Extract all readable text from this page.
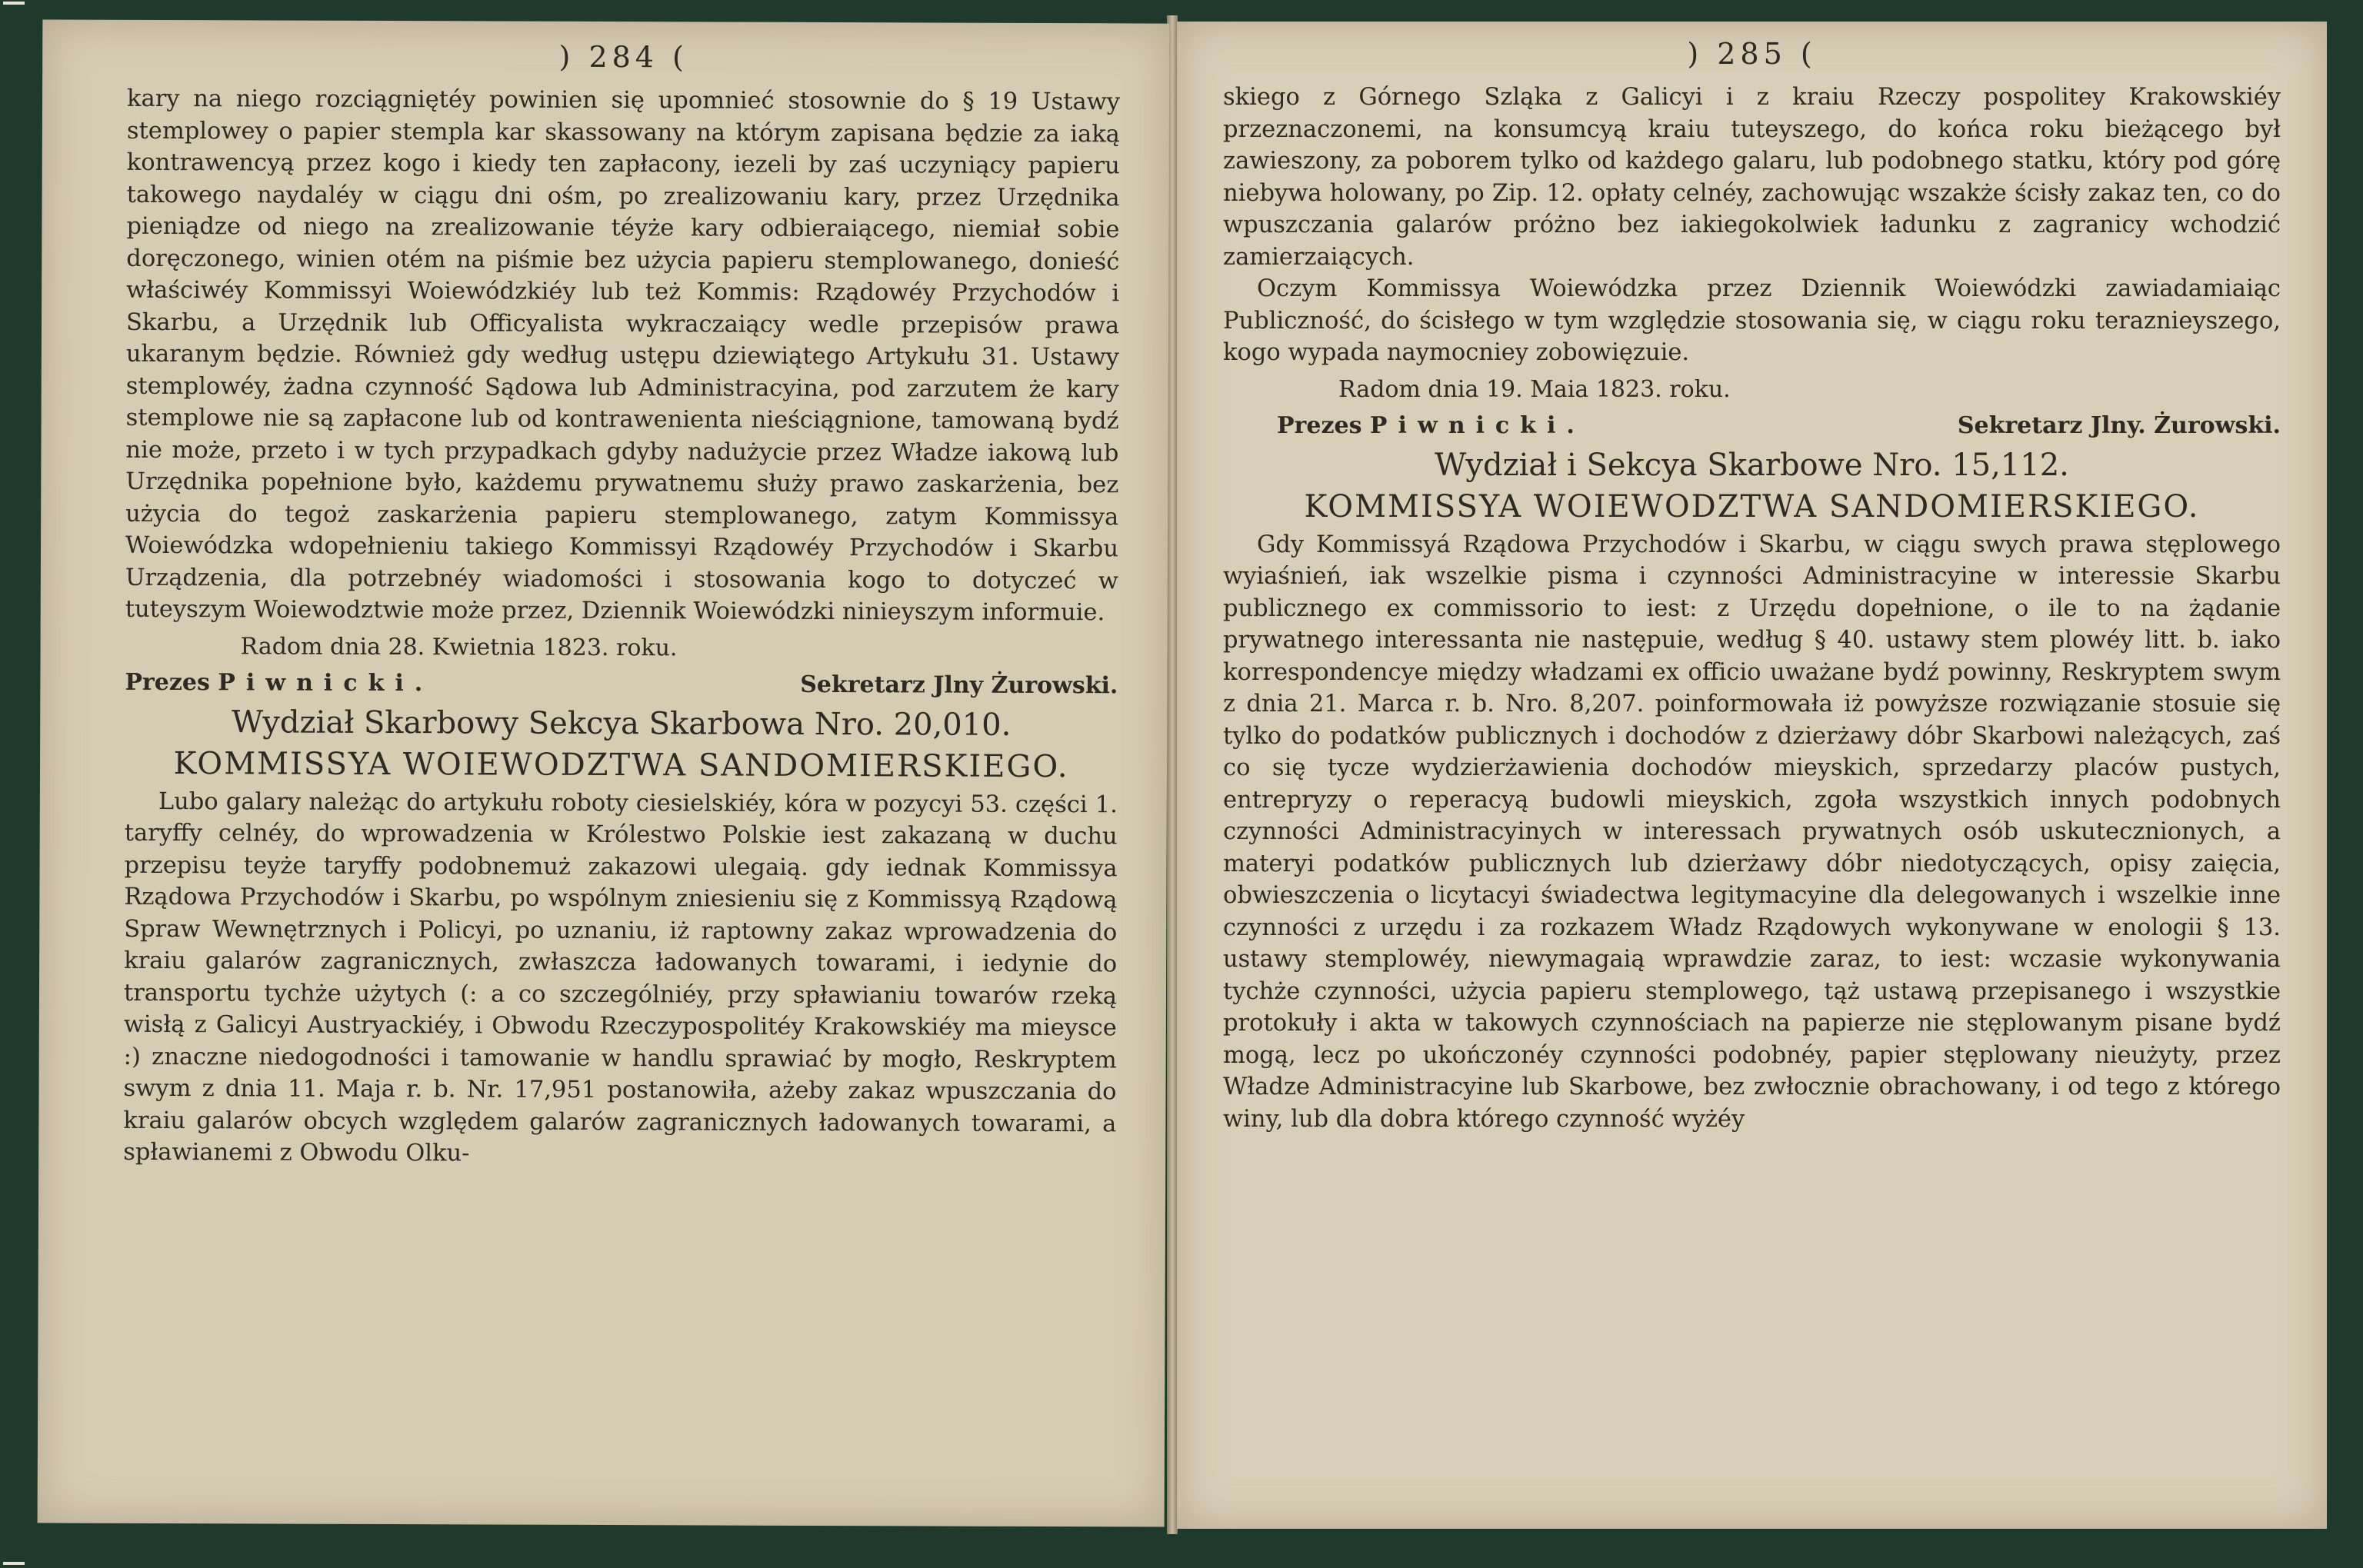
) 284 (

kary na niego rozciągniętéy powinien się upomnieć stosownie do § 19 Ustawy stemplowey o papier stempla kar skassowany na którym zapisana będzie za iaką kontrawencyą przez kogo i kiedy ten zapłacony, iezeli by zaś uczyniący papieru takowego naydaléy w ciągu dni ośm, po zrealizowaniu kary, przez Urzędnika pieniądze od niego na zrealizowanie téyże kary odbieraiącego, niemiał sobie doręczonego, winien otém na piśmie bez użycia papieru stemplowanego, donieść właściwéy Kommissyi Woiewódzkiéy lub też Kommis: Rządowéy Przychodów i Skarbu, a Urzędnik lub Officyalista wykraczaiący wedle przepisów prawa ukaranym będzie. Również gdy według ustępu dziewiątego Artykułu 31. Ustawy stemplowéy, żadna czynność Sądowa lub Administracyina, pod zarzutem że kary stemplowe nie są zapłacone lub od kontrawenienta nieściągnione, tamowaną bydź nie może, przeto i w tych przypadkach gdyby nadużycie przez Władze iakową lub Urzędnika popełnione było, każdemu prywatnemu służy prawo zaskarżenia, bez użycia do tegoż zaskarżenia papieru stemplowanego, zatym Kommissya Woiewódzka wdopełnieniu takiego Kommissyi Rządowéy Przychodów i Skarbu Urządzenia, dla potrzebnéy wiadomości i stosowania kogo to dotyczeć w tuteyszym Woiewodztwie może przez, Dziennik Woiewódzki ninieyszym informuie.

Radom dnia 28. Kwietnia 1823. roku.
Prezes Piwnicki.	Sekretarz Jlny Żurowski.
Wydział Skarbowy Sekcya Skarbowa Nro. 20,010.
KOMMISSYA WOIEWODZTWA SANDOMIERSKIEGO.

Lubo galary należąc do artykułu roboty ciesielskiéy, kóra w pozycyi 53. części 1. taryffy celnéy, do wprowadzenia w Królestwo Polskie iest zakazaną w duchu przepisu teyże taryffy podobnemuż zakazowi ulegaią. gdy iednak Kommissya Rządowa Przychodów i Skarbu, po wspólnym zniesieniu się z Kommissyą Rządową Spraw Wewnętrznych i Policyi, po uznaniu, iż raptowny zakaz wprowadzenia do kraiu galarów zagranicznych, zwłaszcza ładowanych towarami, i iedynie do transportu tychże użytych (: a co szczególniéy, przy spławianiu towarów rzeką wisłą z Galicyi Austryackiéy, i Obwodu Rzeczypospolitéy Krakowskiéy ma mieysce :) znaczne niedogodności i tamowanie w handlu sprawiać by mogło, Reskryptem swym z dnia 11. Maja r. b. Nr. 17,951 postanowiła, ażeby zakaz wpuszczania do kraiu galarów obcych względem galarów zagranicznych ładowanych towarami, a spławianemi z Obwodu Olku-

) 285 (

skiego z Górnego Szląka z Galicyi i z kraiu Rzeczy pospolitey Krakowskiéy przeznaczonemi, na konsumcyą kraiu tuteyszego, do końca roku bieżącego był zawieszony, za poborem tylko od każdego galaru, lub podobnego statku, który pod górę niebywa holowany, po Zip. 12. opłaty celnéy, zachowując wszakże ścisły zakaz ten, co do wpuszczania galarów próżno bez iakiegokolwiek ładunku z zagranicy wchodzić zamierzaiących.

Oczym Kommissya Woiewódzka przez Dziennik Woiewódzki zawiadamiaiąc Publiczność, do ścisłego w tym względzie stosowania się, w ciągu roku teraznieyszego, kogo wypada naymocniey zobowięzuie.

Radom dnia 19. Maia 1823. roku.
Prezes Piwnicki.	Sekretarz Jlny. Żurowski.
Wydział i Sekcya Skarbowe Nro. 15,112.
KOMMISSYA WOIEWODZTWA SANDOMIERSKIEGO.

Gdy Kommissyá Rządowa Przychodów i Skarbu, w ciągu swych prawa stęplowego wyiaśnień, iak wszelkie pisma i czynności Administracyine w interessie Skarbu publicznego ex commissorio to iest: z Urzędu dopełnione, o ile to na żądanie prywatnego interessanta nie następuie, według § 40. ustawy stem plowéy litt. b. iako korrespondencye między władzami ex officio uważane bydź powinny, Reskryptem swym z dnia 21. Marca r. b. Nro. 8,207. poinformowała iż powyższe rozwiązanie stosuie się tylko do podatków publicznych i dochodów z dzierżawy dóbr Skarbowi należących, zaś co się tycze wydzierżawienia dochodów mieyskich, sprzedarzy placów pustych, entrepryzy o reperacyą budowli mieyskich, zgoła wszystkich innych podobnych czynności Administracyinych w interessach prywatnych osób uskutecznionych, a materyi podatków publicznych lub dzierżawy dóbr niedotyczących, opisy zaięcia, obwieszczenia o licytacyi świadectwa legitymacyine dla delegowanych i wszelkie inne czynności z urzędu i za rozkazem Władz Rządowych wykonywane w enologii § 13. ustawy stemplowéy, niewymagaią wprawdzie zaraz, to iest: wczasie wykonywania tychże czynności, użycia papieru stemplowego, tąż ustawą przepisanego i wszystkie protokuły i akta w takowych czynnościach na papierze nie stęplowanym pisane bydź mogą, lecz po ukończonéy czynności podobnéy, papier stęplowany nieużyty, przez Władze Administracyine lub Skarbowe, bez zwłocznie obrachowany, i od tego z którego winy, lub dla dobra którego czynność wyżéy
